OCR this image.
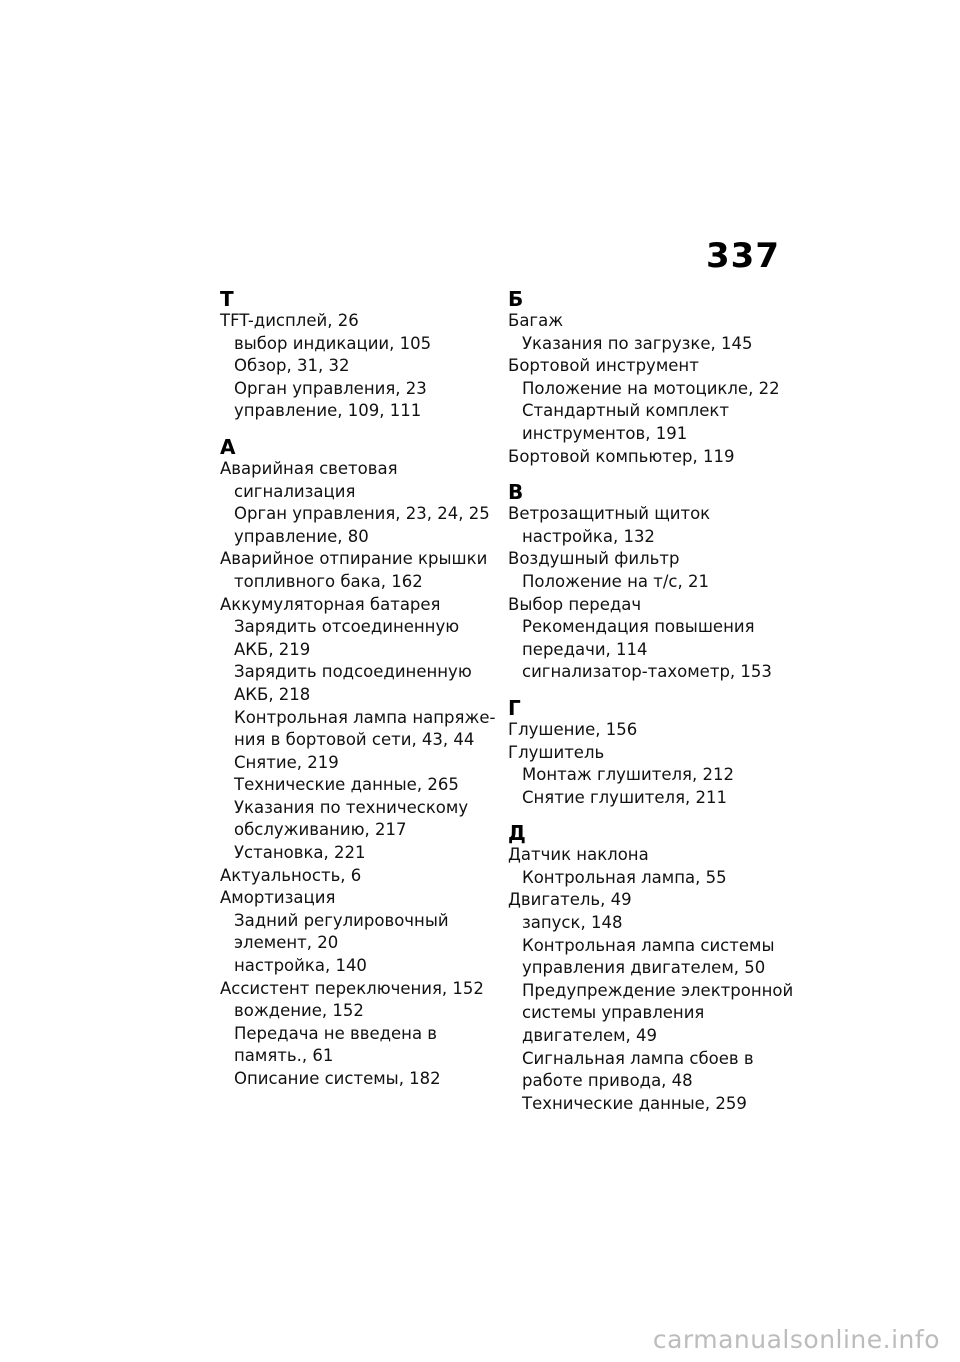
337
Т
TFT-дисплей, 26
выбор индикации, 105
Обзор, 31, 32
Орган управления, 23
управление, 109, 111
А
Аварийная световая
сигнализация
Орган управления, 23, 24, 25
управление, 80
Аварийное отпирание крышки
топливного бака, 162
Аккумуляторная батарея
Зарядить отсоединенную
АКБ, 219
Зарядить подсоединенную
АКБ, 218
Контрольная лампа напряже-
ния в бортовой сети, 43, 44
Снятие, 219
Технические данные, 265
Указания по техническому
обслуживанию, 217
Установка, 221
Актуальность, 6
Амортизация
Задний регулировочный
элемент, 20
настройка, 140
Ассистент переключения, 152
вождение, 152
Передача не введена в
память., 61
Описание системы, 182
Б
Багаж
Указания по загрузке, 145
Бортовой инструмент
Положение на мотоцикле, 22
Стандартный комплект
инструментов, 191
Бортовой компьютер, 119
В
Ветрозащитный щиток
настройка, 132
Воздушный фильтр
Положение на т/с, 21
Выбор передач
Рекомендация повышения
передачи, 114
сигнализатор-тахометр, 153
Г
Глушение, 156
Глушитель
Монтаж глушителя, 212
Снятие глушителя, 211
Д
Датчик наклона
Контрольная лампа, 55
Двигатель, 49
запуск, 148
Контрольная лампа системы
управления двигателем, 50
Предупреждение электронной
системы управления
двигателем, 49
Сигнальная лампа сбоев в
работе привода, 48
Технические данные, 259
carmanualsonline.info
